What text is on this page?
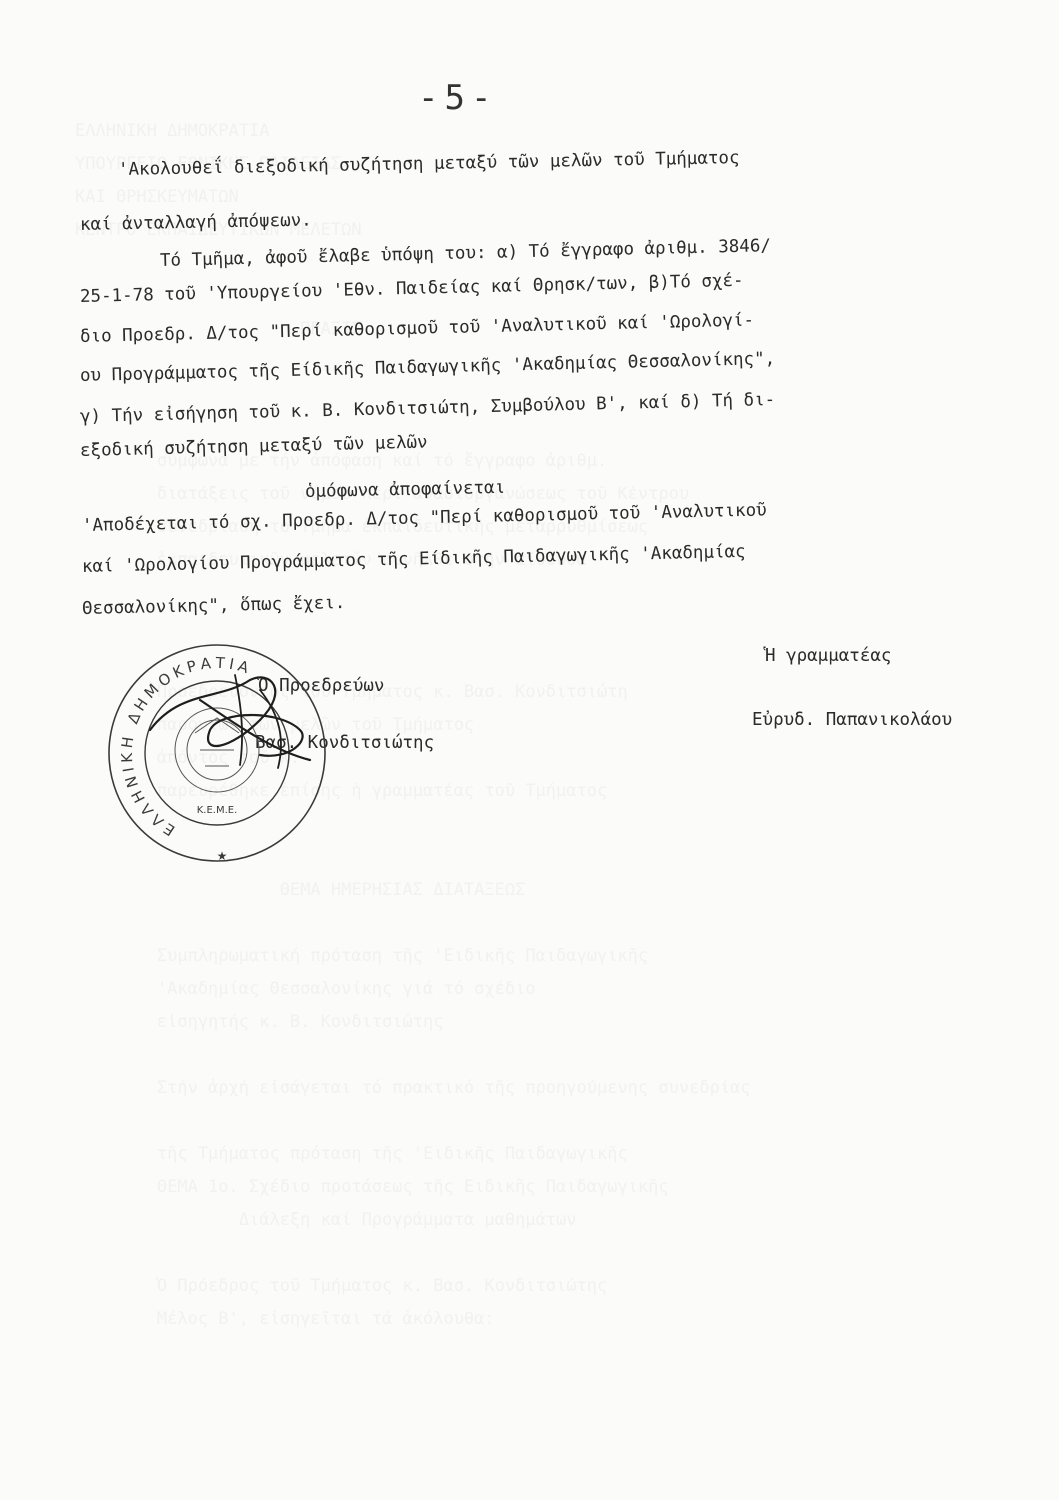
-5-
'Ακολουθεΐ διεξοδική συζήτηση μεταξύ τῶν μελῶν τοῦ Τμήματος
καί ἀνταλλαγή ἀπόψεων.
Τό Τμῆμα, ἀφοῦ ἔλαβε ὑπόψη του: α) Τό ἔγγραφο ἀριθμ. 3846/
25-1-78 τοῦ 'Υπουργείου 'Εθν. Παιδείας καί Θρησκ/των, β)Τό σχέ-
διο Προεδρ. Δ/τος "Περί καθορισμοῦ τοῦ 'Αναλυτικοῦ καί 'Ωρολογί-
ου Προγράμματος τῆς Είδικῆς Παιδαγωγικῆς 'Ακαδημίας Θεσσαλονίκης",
γ) Τήν εἰσήγηση τοῦ κ. Β. Κονδιτσιώτη, Συμβούλου Β', καί δ) Τή δι-
εξοδική συζήτηση μεταξύ τῶν μελῶν
ὁμόφωνα ἀποφαίνεται
'Αποδέχεται τό σχ. Προεδρ. Δ/τος "Περί καθορισμοῦ τοῦ 'Αναλυτικοῦ
καί 'Ωρολογίου Προγράμματος τῆς Είδικῆς Παιδαγωγικῆς 'Ακαδημίας
Θεσσαλονίκης", ὅπως ἔχει.
Ἡ γραμματέας
Εὐρυδ. Παπανικολάου
Ὁ Προεδρεύων
Βασ. Κονδιτσιώτης
ΕΛΛΗΝΙΚΗ ΔΗΜΟΚΡΑΤΙΑ
Κ.Ε.Μ.Ε.
★
